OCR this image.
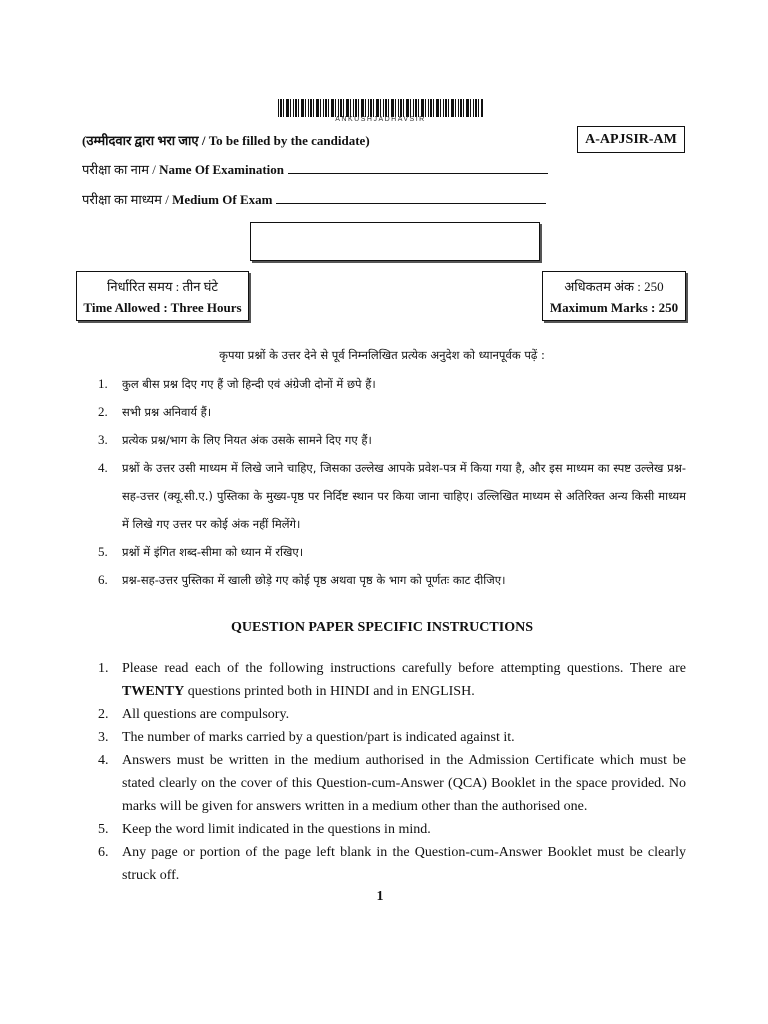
ANKUSHJADHAVSIR
(उम्मीदवार द्वारा भरा जाए / To be filled by the candidate)	A-APJSIR-AM
परीक्षा का नाम / Name Of Examination
परीक्षा का माध्यम / Medium Of Exam
निर्धारित समय : तीन घंटे
Time Allowed : Three Hours
अधिकतम अंक : 250
Maximum Marks : 250
कृपया प्रश्नों के उत्तर देने से पूर्व निम्नलिखित प्रत्येक अनुदेश को ध्यानपूर्वक पढ़ें :
1. कुल बीस प्रश्न दिए गए हैं जो हिन्दी एवं अंग्रेजी दोनों में छपे हैं।
2. सभी प्रश्न अनिवार्य हैं।
3. प्रत्येक प्रश्न/भाग के लिए नियत अंक उसके सामने दिए गए हैं।
4. प्रश्नों के उत्तर उसी माध्यम में लिखे जाने चाहिए, जिसका उल्लेख आपके प्रवेश-पत्र में किया गया है, और इस माध्यम का स्पष्ट उल्लेख प्रश्न-सह-उत्तर (क्यू.सी.ए.) पुस्तिका के मुख्य-पृष्ठ पर निर्दिष्ट स्थान पर किया जाना चाहिए। उल्लिखित माध्यम से अतिरिक्त अन्य किसी माध्यम में लिखे गए उत्तर पर कोई अंक नहीं मिलेंगे।
5. प्रश्नों में इंगित शब्द-सीमा को ध्यान में रखिए।
6. प्रश्न-सह-उत्तर पुस्तिका में खाली छोड़े गए कोई पृष्ठ अथवा पृष्ठ के भाग को पूर्णतः काट दीजिए।
QUESTION PAPER SPECIFIC INSTRUCTIONS
1. Please read each of the following instructions carefully before attempting questions. There are TWENTY questions printed both in HINDI and in ENGLISH.
2. All questions are compulsory.
3. The number of marks carried by a question/part is indicated against it.
4. Answers must be written in the medium authorised in the Admission Certificate which must be stated clearly on the cover of this Question-cum-Answer (QCA) Booklet in the space provided. No marks will be given for answers written in a medium other than the authorised one.
5. Keep the word limit indicated in the questions in mind.
6. Any page or portion of the page left blank in the Question-cum-Answer Booklet must be clearly struck off.
1
